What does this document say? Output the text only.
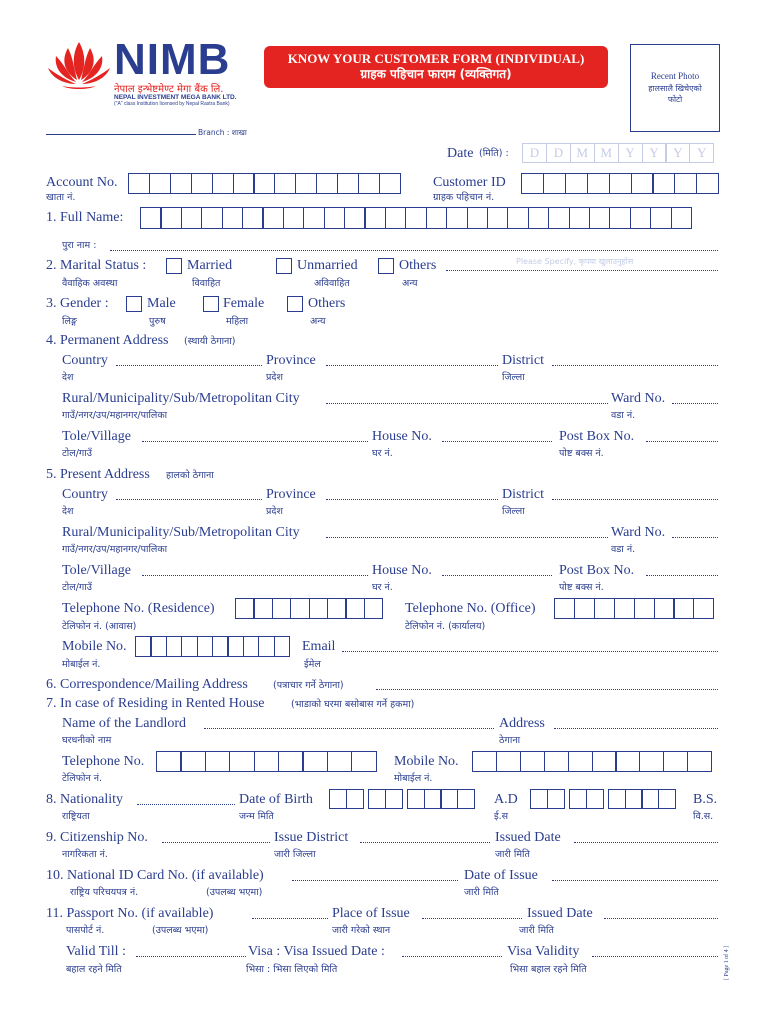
NIMB
नेपाल इन्भेष्टमेण्ट मेगा बैंक लि.
NEPAL INVESTMENT MEGA BANK LTD.
("A" class Institution licensed by Nepal Rastra Bank)
KNOW YOUR CUSTOMER FORM (INDIVIDUAL)
ग्राहक पहिचान फाराम (व्यक्तिगत)	Recent Photo
हालसालै खिचेएको
फोटो
Branch : शाखा
Date (मिति) :	D	D	M M	Y	Y	Y	Y
Account No.
खाता नं.
Customer ID
ग्राहक पहिचान नं.
1. Full Name:
पुरा नाम :
2. Marital Status :
वैवाहिक अवस्था
Married
विवाहित
Unmarried
अविवाहित
Others
अन्य
Please Specify, कृपया खुलाउनुहोस
3. Gender :
लिङ्ग
Male
पुरुष
Female
महिला
Others
अन्य
4. Permanent Address (स्थायी ठेगाना)
Country
देश
Province
प्रदेश
District
जिल्ला
Rural/Municipality/Sub/Metropolitan City
गाउँ/नगर/उप/महानगर/पालिका
Ward No.
वडा नं.
Tole/Village
टोल/गाउँ
House No.
घर नं.
Post Box No.
पोष्ट बक्स नं.
5. Present Address हालको ठेगाना
Country
देश
Province
प्रदेश
District
जिल्ला
Rural/Municipality/Sub/Metropolitan City
गाउँ/नगर/उप/महानगर/पालिका
Ward No.
वडा नं.
Tole/Village
टोल/गाउँ
House No.
घर नं.
Post Box No.
पोष्ट बक्स नं.
Telephone No. (Residence)
टेलिफोन नं. (आवास)
Telephone No. (Office)
टेलिफोन नं. (कार्यालय)
Mobile No.
मोबाईल नं.
Email
ईमेल
6. Correspondence/Mailing Address	(पत्राचार गर्ने ठेगाना)
7. In case of Residing in Rented House	(भाडाको घरमा बसोबास गर्ने हकमा)
Name of the Landlord
घरधनीको नाम
Address
ठेगाना
Telephone No.
टेलिफोन नं.
Mobile No.
मोबाईल नं.
8. Nationality
राष्ट्रियता
Date of Birth
जन्म मिति
A.D
ई.स
B.S.
वि.स.
9. Citizenship No.
नागरिकता नं.
Issue District
जारी जिल्ला
Issued Date
जारी मिति
10. National ID Card No. (if available)
राष्ट्रिय परिचयपत्र नं.	(उपलब्ध भएमा)
Date of Issue
जारी मिति
11. Passport No. (if available)
पासपोर्ट नं.	(उपलब्ध भएमा)
Place of Issue
जारी गरेको स्थान
Issued Date
जारी मिति
Valid Till :
बहाल रहने मिति
Visa : Visa Issued Date :
भिसा : भिसा लिएको मिति
Visa Validity
भिसा बहाल रहने मिति	[ Page 1 of 4 ]
